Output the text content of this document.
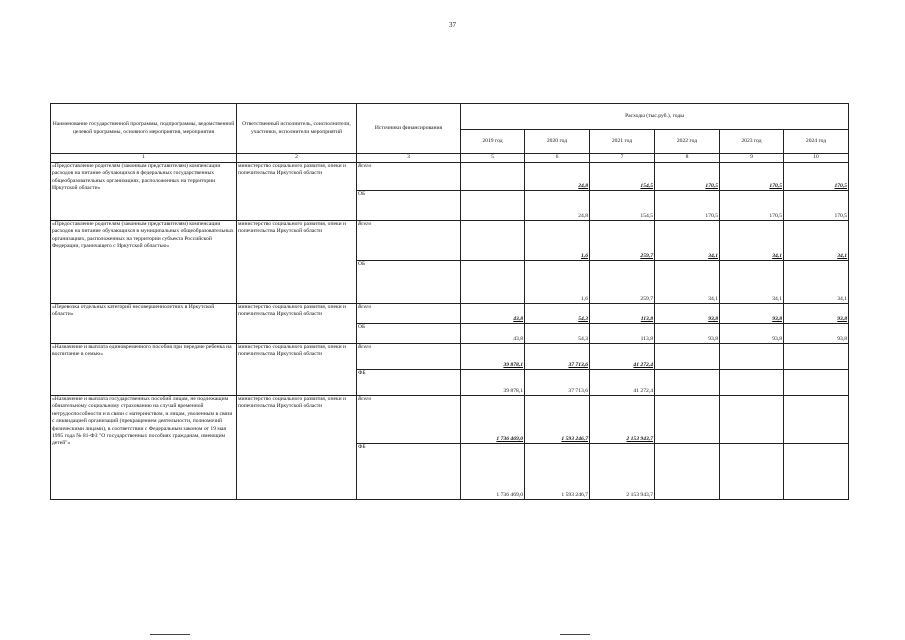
37
Наименование государственной программы, подпрограммы, ведомственной целевой программы, основного мероприятия, мероприятия	Ответственный исполнитель, соисполнители, участники, исполнители мероприятий	Источники финансирования	Расходы (тыс.руб.), годы					
			2019 год	2020 год	2021 год	2022 год	2023 год	2024 год
1	2	3	5	6	7	8	9	10
«Предоставление родителям (законным представителям) компенсации расходов на питание обучающихся в федеральных государственных общеобразовательных организациях, расположенных на территории Иркутской области»	министерство социального развития, опеки и попечительства Иркутской области	Всего		24,8	154,5	170,5	170,5	170,5
		ОБ		24,8	154,5	170,5	170,5	170,5
«Предоставление родителям (законным представителям) компенсации расходов на питание обучающихся в муниципальных общеобразовательных организациях, расположенных на территории субъекта Российской Федерации, граничащего с Иркутской областью»	министерство социального развития, опеки и попечительства Иркутской области	Всего		1,6	259,7	34,1	34,1	34,1
		ОБ		1,6	259,7	34,1	34,1	34,1
«Перевозка отдельных категорий несовершеннолетних в Иркутской области»	министерство социального развития, опеки и попечительства Иркутской области	Всего	43,8	54,3	113,8	93,8	93,8	93,8
		ОБ	43,8	54,3	113,8	93,8	93,8	93,8
«Назначение и выплата единовременного пособия при передаче ребенка на воспитание в семью»	министерство социального развития, опеки и попечительства Иркутской области	Всего	39 878,1	37 713,6	41 272,4			
		ФБ	39 878,1	37 713,6	41 272,4			
«Назначение и выплата государственных пособий лицам, не подлежащим обязательному социальному страхованию на случай временной нетрудоспособности и в связи с материнством, и лицам, уволенным в связи с ликвидацией организаций (прекращением деятельности, полномочий физическими лицами), в соответствии с Федеральным законом от 19 мая 1995 года № 81-ФЗ "О государственных пособиях гражданам, имеющим детей"»	министерство социального развития, опеки и попечительства Иркутской области	Всего	1 736 469,0	1 593 246,7	2 153 943,7			
		ФБ	1 736 469,0	1 593 246,7	2 153 943,7			
